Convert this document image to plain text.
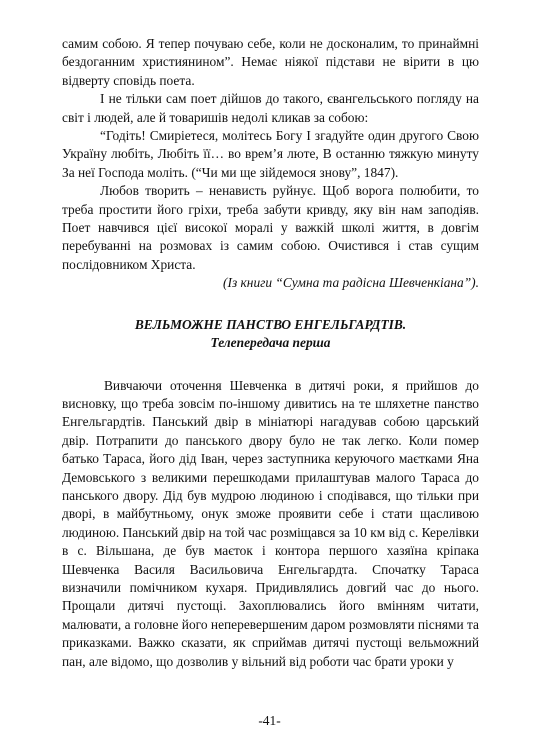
самим собою. Я тепер почуваю себе, коли не досконалим, то принаймні бездоганним християнином”. Немає ніякої підстави не вірити в цю відверту сповідь поета.

І не тільки сам поет дійшов до такого, євангельського погляду на світ і людей, але й товаришів недолі кликав за собою:

“Годіть! Смиріетеся, молітесь Богу І згадуйте один другого Свою Україну любіть, Любіть її… во врем’я люте, В останню тяжкую минуту За неї Господа моліть. (“Чи ми ще зійдемося знову”, 1847).

Любов творить – ненависть руйнує. Щоб ворога полюбити, то треба простити його гріхи, треба забути кривду, яку він нам заподіяв. Поет навчився цієї високої моралі у важкій школі життя, в довгім перебуванні на розмовах із самим собою. Очистився і став сущим послідовником Христа.

(Із книги “Сумна та радісна Шевченкіана”).

ВЕЛЬМОЖНЕ ПАНСТВО ЕНГЕЛЬГАРДТІВ.

Телепередача перша

Вивчаючи оточення Шевченка в дитячі роки, я прийшов до висновку, що треба зовсім по-іншому дивитись на те шляхетне панство Енгельгардтів. Панський двір в мініатюрі нагадував собою царський двір. Потрапити до панського двору було не так легко. Коли помер батько Тараса, його дід Іван, через заступника керуючого маєтками Яна Демовського з великими перешкодами прилаштував малого Тараса до панського двору. Дід був мудрою людиною і сподівався, що тільки при дворі, в майбутньому, онук зможе проявити себе і стати щасливою людиною. Панський двір на той час розміщався за 10 км від с. Керелівки в с. Вільшана, де був маєток і контора першого хазяїна кріпака Шевченка Василя Васильовича Енгельгардта. Спочатку Тараса визначили помічником кухаря. Придивлялись довгий час до нього. Прощали дитячі пустощі. Захоплювались його вмінням читати, малювати, а головне його неперевершеним даром розмовляти піснями та приказками. Важко сказати, як сприймав дитячі пустощі вельможний пан, але відомо, що дозволив у вільний від роботи час брати уроки у

-41-
